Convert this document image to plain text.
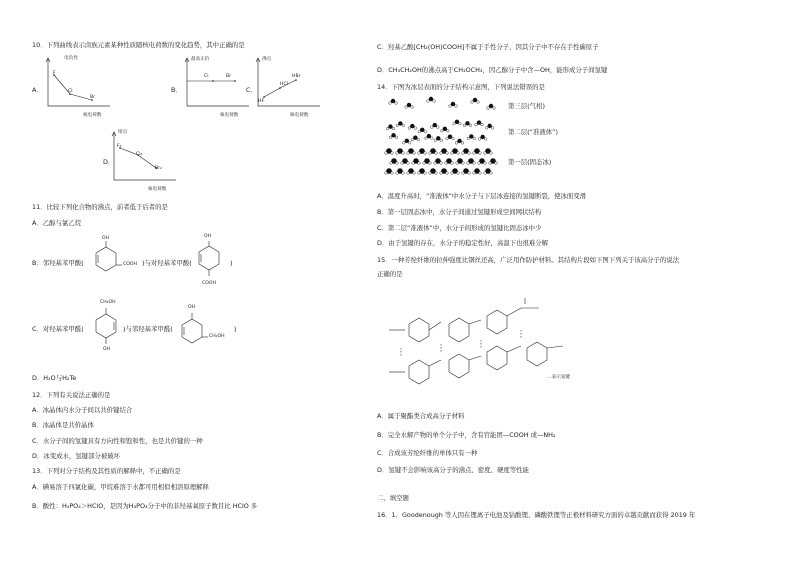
10．下列曲线表示卤族元素某种性质随核电荷数的变化趋势，其中正确的是
A．
电负性
F
Cl
Br
核电荷数
B．
最高正价
Cl	Br
核电荷数
C．
沸点
HF
HCl
HBr
核电荷数
D．
熔点
F₂
Cl₂
Br₂
核电荷数
11．比较下列化合物的沸点，前者低于后者的是
A．乙醇与氯乙烷
B．邻羟基苯甲酸(
OH
COOH )与对羟基苯甲酸(
OH
COOH
)
C．对羟基苯甲醛(
CH₂OH
OH
)与邻羟基苯甲醛(
OH
CH₂OH
)
D．H₂O与H₂Te
12．下列有关说法正确的是
A．冰晶体内水分子间以共价键结合
B．冰晶体是共价晶体
C．水分子间的氢键具有方向性和饱和性，也是共价键的一种
D．冰变成水，氢键部分被破坏
13．下列对分子结构及其性质的解释中，不正确的是
A．碘易溶于四氯化碳，甲烷难溶于水都可用相似相溶原理解释
B．酸性：H₃PO₄＞HClO，是因为H₃PO₄分子中的非羟基氧原子数目比 HClO 多
C．羟基乙酸[CH₂(OH)COOH]不属于手性分子，因其分子中不存在手性碳原子
D．CH₃CH₂OH的沸点高于CH₃OCH₃，因乙醇分子中含—OH，能形成分子间氢键
14．下图为冰层表面的分子结构示意图，下列说法错误的是
第三层(气相)
第二层(“准液体”)
第一层(固态冰)
A．温度升高时，“准液体”中水分子与下层冰连接的氢键断裂，使冰面变滑
B．第一层固态冰中，水分子间通过氢键形成空间网状结构
C．第二层“准液体”中，水分子间形成的氢键比固态冰中少
D．由于氢键的存在，水分子的稳定性好，高温下也很难分解
15．一种芳纶纤维的拉伸强度比钢丝还高，广泛用作防护材料。其结构片段如下图下列关于该高分子的说法
正确的是
…表示氢键
A．属于聚酯类合成高分子材料
B．完全水解产物的单个分子中，含有官能团—COOH 或—NH₂
C．合成该芳纶纤维的单体只有一种
D．氢键不会影响该高分子的沸点、密度、硬度等性能
二、填空题
16．1．Goodenough 等人因在锂离子电池及钴酸锂、磷酸铁锂等正极材料研究方面的卓越贡献而获得 2019 年
